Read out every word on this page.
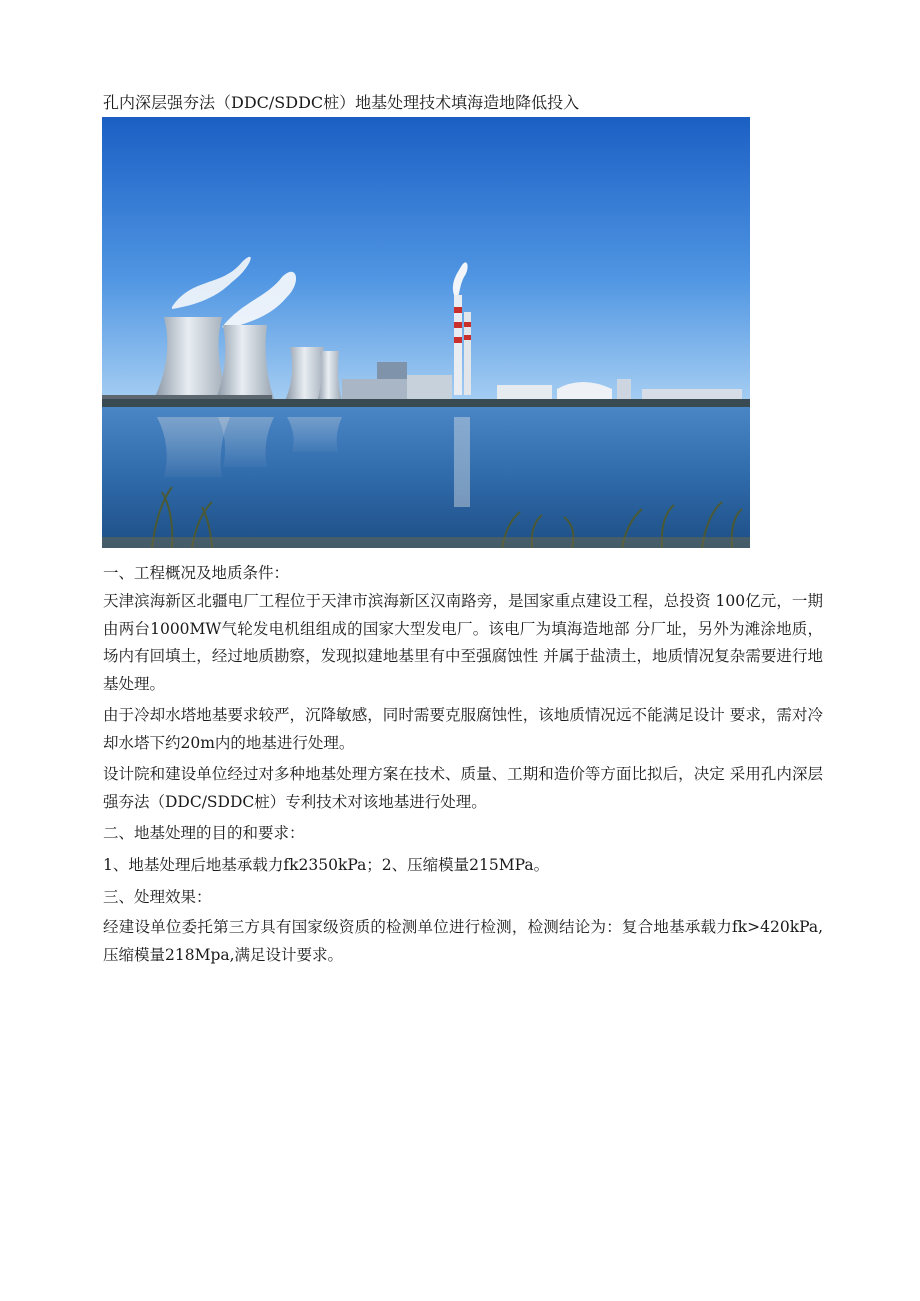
孔内深层强夯法（DDC/SDDC桩）地基处理技术填海造地降低投入

一、工程概况及地质条件：

天津滨海新区北疆电厂工程位于天津市滨海新区汉南路旁，是国家重点建设工程，总投资 100亿元，一期由两台1000MW气轮发电机组组成的国家大型发电厂。该电厂为填海造地部 分厂址，另外为滩涂地质，场内有回填土，经过地质勘察，发现拟建地基里有中至强腐蚀性 并属于盐渍土，地质情况复杂需要进行地基处理。

由于冷却水塔地基要求较严，沉降敏感，同时需要克服腐蚀性，该地质情况远不能满足设计 要求，需对冷却水塔下约20m内的地基进行处理。

设计院和建设单位经过对多种地基处理方案在技术、质量、工期和造价等方面比拟后，决定 采用孔内深层强夯法（DDC/SDDC桩）专利技术对该地基进行处理。

二、地基处理的目的和要求：

1、地基处理后地基承载力fk2350kPa；2、压缩模量215MPa。

三、处理效果：

经建设单位委托第三方具有国家级资质的检测单位进行检测，检测结论为：复合地基承载力fk>420kPa,压缩模量218Mpa,满足设计要求。
